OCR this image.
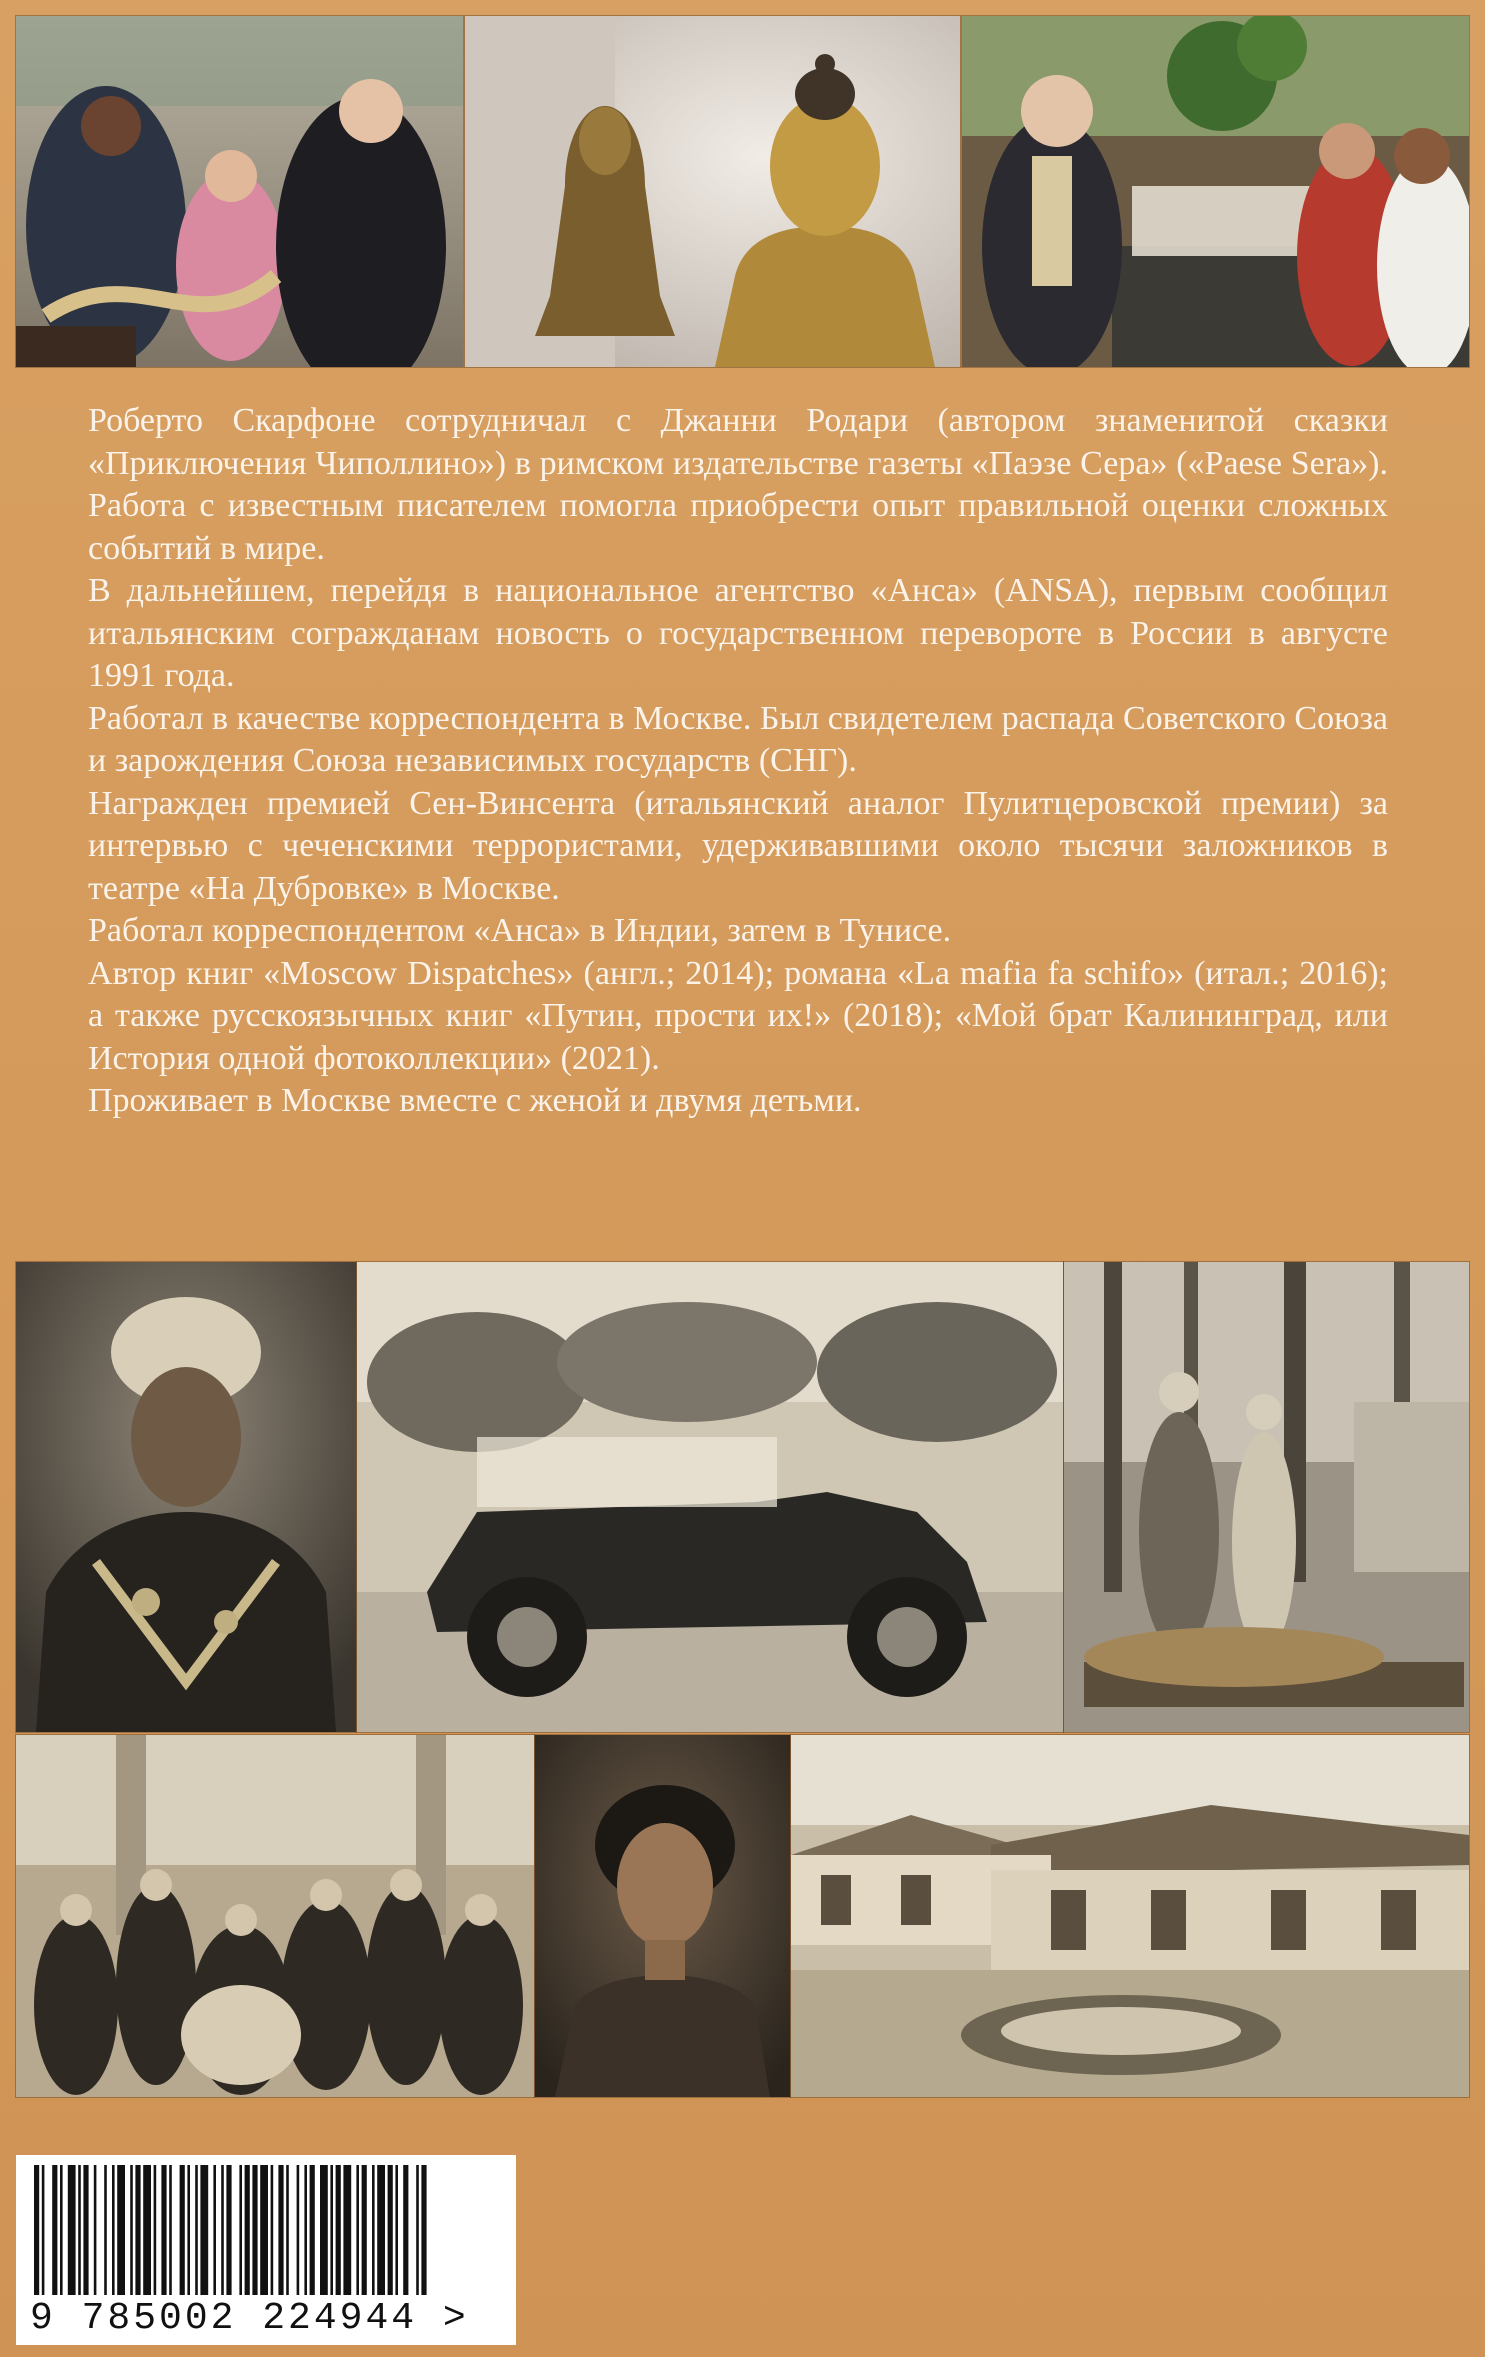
Роберто Скарфоне сотрудничал с Джанни Родари (автором знаменитой сказки «Приключения Чиполлино») в римском издательстве газеты «Паэзе Сера» («Paese Sera»). Работа с известным писателем помогла приобрести опыт правильной оценки сложных событий в мире.

В дальнейшем, перейдя в национальное агентство «Анса» (ANSA), первым сообщил итальянским согражданам новость о государственном перевороте в России в августе 1991 года.

Работал в качестве корреспондента в Москве. Был свидетелем распада Советского Союза и зарождения Союза независимых государств (СНГ).

Награжден премией Сен-Винсента (итальянский аналог Пулитцеровской премии) за интервью с чеченскими террористами, удерживавшими около тысячи заложников в театре «На Дубровке» в Москве.

Работал корреспондентом «Анса» в Индии, затем в Тунисе.

Автор книг «Moscow Dispatches» (англ.; 2014); романа «La mafia fa schifo» (итал.; 2016); а также русскоязычных книг «Путин, прости их!» (2018); «Мой брат Калининград, или История одной фотоколлекции» (2021).

Проживает в Москве вместе с женой и двумя детьми.

9 785002 224944 >
